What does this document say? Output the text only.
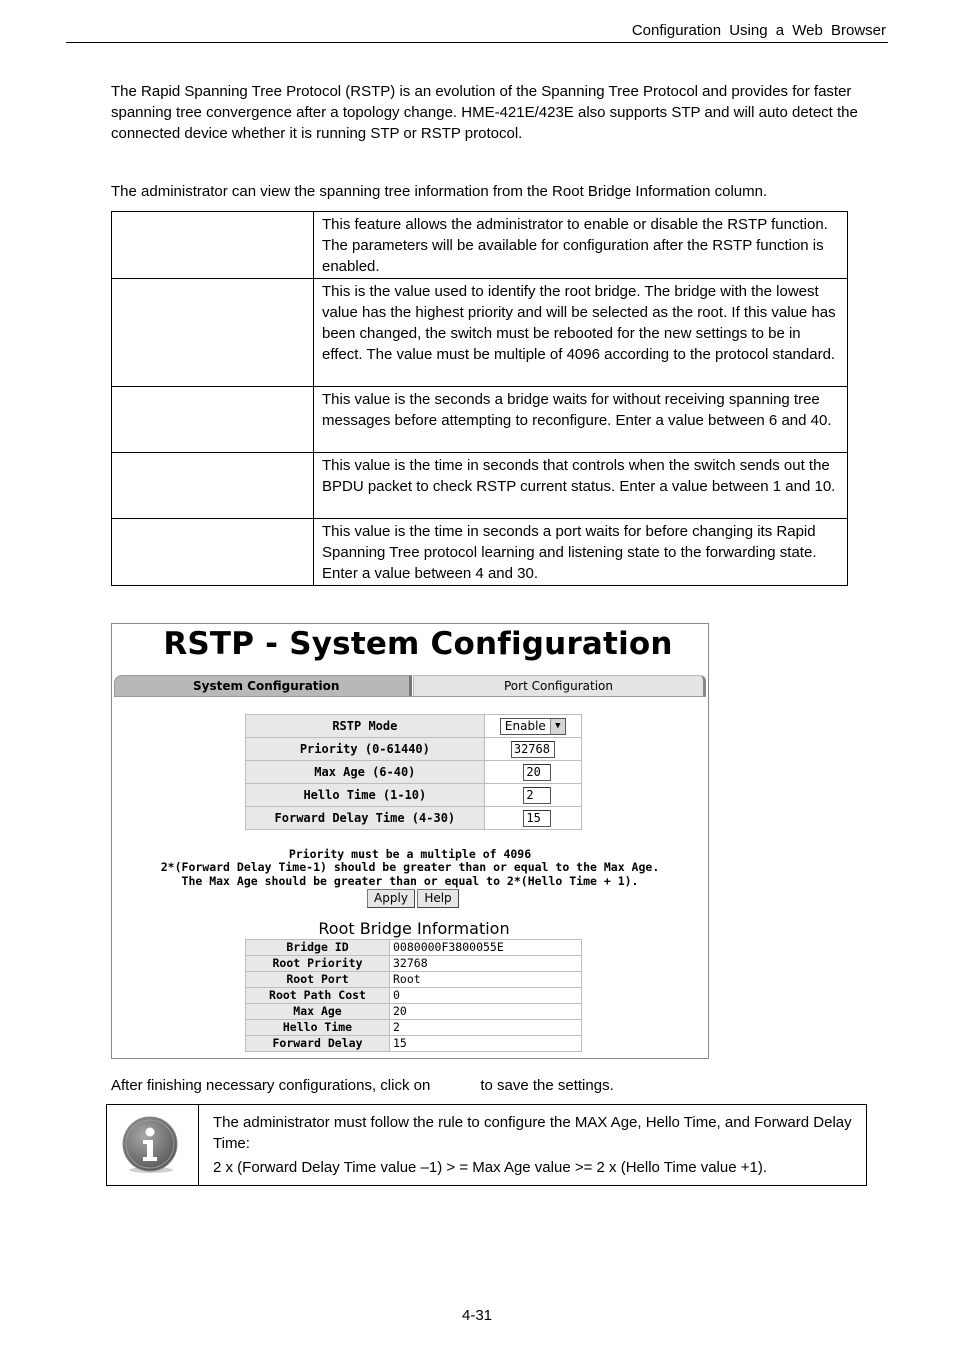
Configuration Using a Web Browser
The Rapid Spanning Tree Protocol (RSTP) is an evolution of the Spanning Tree Protocol and provides for faster spanning tree convergence after a topology change. HME-421E/423E also supports STP and will auto detect the connected device whether it is running STP or RSTP protocol.
The administrator can view the spanning tree information from the Root Bridge Information column.
	This feature allows the administrator to enable or disable the RSTP function. The parameters will be available for configuration after the RSTP function is enabled.
	This is the value used to identify the root bridge. The bridge with the lowest value has the highest priority and will be selected as the root. If this value has been changed, the switch must be rebooted for the new settings to be in effect. The value must be multiple of 4096 according to the protocol standard.
	This value is the seconds a bridge waits for without receiving spanning tree messages before attempting to reconfigure. Enter a value between 6 and 40.
	This value is the time in seconds that controls when the switch sends out the BPDU packet to check RSTP current status. Enter a value between 1 and 10.
	This value is the time in seconds a port waits for before changing its Rapid Spanning Tree protocol learning and listening state to the forwarding state. Enter a value between 4 and 30.
RSTP - System Configuration
System Configuration	Port Configuration
RSTP Mode	Enable ▼

Priority (0-61440)	32768
Max Age (6-40)	20
Hello Time (1-10)	2
Forward Delay Time (4-30)	15
Priority must be a multiple of 4096
2*(Forward Delay Time-1) should be greater than or equal to the Max Age.
The Max Age should be greater than or equal to 2*(Hello Time + 1).
Apply	Help
Root Bridge Information
Bridge ID	0080000F3800055E
Root Priority	32768
Root Port	Root
Root Path Cost	0
Max Age	20
Hello Time	2
Forward Delay	15
After finishing necessary configurations, click on	to save the settings.
The administrator must follow the rule to configure the MAX Age, Hello Time, and Forward Delay Time:
2 x (Forward Delay Time value –1) > = Max Age value >= 2 x (Hello Time value +1).
4-31
